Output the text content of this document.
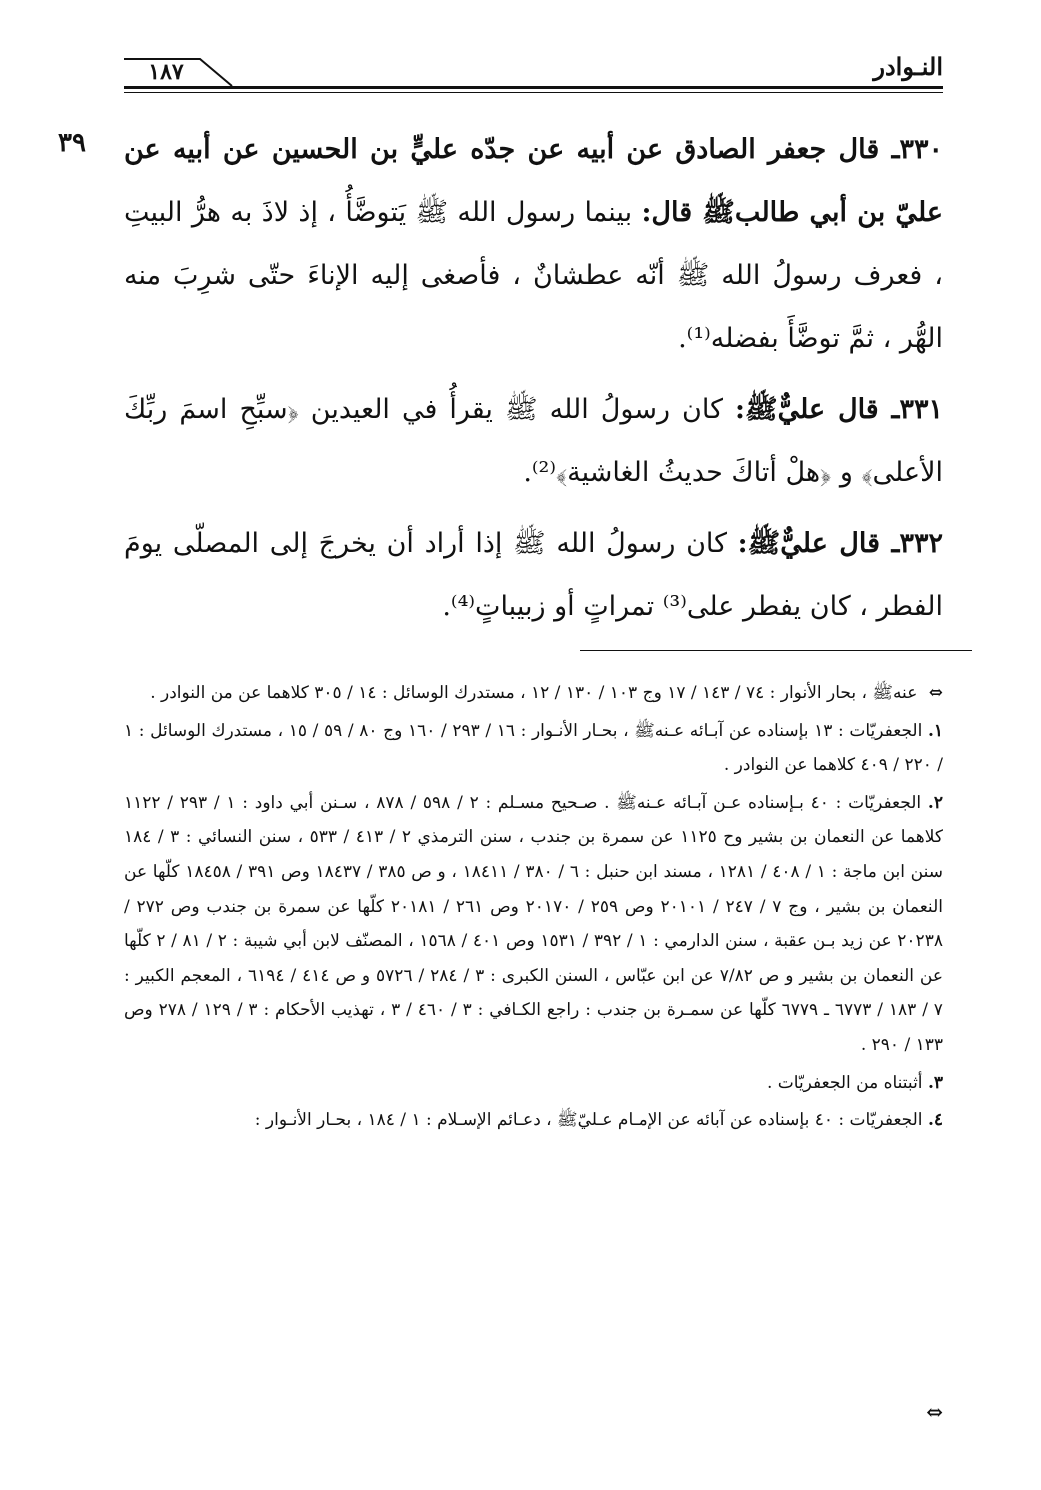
النـوادر
١٨٧
٣٩ ٣٣٠ـ قال جعفر الصادق عن أبيه عن جدّه عليٍّ بن الحسين عن أبيه عن عليّ بن أبي طالبﷺ قال: بينما رسول الله ﷺ يَتوضَّأُ ، إذ لاذَ به هرُّ البيتِ ، فعرف رسولُ الله ﷺ أنّه عطشانٌ ، فأصغى إليه الإناءَ حتّى شرِبَ منه الهُّر ، ثمَّ توضَّأَ بفضله⁽¹⁾.

٣٣١ـ قال عليٌّﷺ: كان رسولُ الله ﷺ يقرأُ في العيدين ﴿سبِّحِ اسمَ ربِّكَ الأعلى﴾ و ﴿هلْ أتاكَ حديثُ الغاشية﴾⁽²⁾.

٣٣٢ـ قال عليٌّﷺ: كان رسولُ الله ﷺ إذا أراد أن يخرجَ إلى المصلّى يومَ الفطر ، كان يفطر على⁽³⁾ تمراتٍ أو زبيباتٍ⁽⁴⁾.

⇔ عنهﷺ ، بحار الأنوار : ٧٤ / ١٤٣ / ١٧ وج ١٠٣ / ١٣٠ / ١٢ ، مستدرك الوسائل : ١٤ / ٣٠٥ كلاهما عن من النوادر .

١. الجعفريّات : ١٣ بإسناده عن آبـائه عـنهﷺ ، بحـار الأنـوار : ١٦ / ٢٩٣ / ١٦٠ وج ٨٠ / ٥٩ / ١٥ ، مستدرك الوسائل : ١ / ٢٢٠ / ٤٠٩ كلاهما عن النوادر .

٢. الجعفريّات : ٤٠ بـإسناده عـن آبـائه عـنهﷺ . صـحيح مسـلم : ٢ / ٥٩٨ / ٨٧٨ ، سـنن أبي داود : ١ / ٢٩٣ / ١١٢٢ كلاهما عن النعمان بن بشير وح ١١٢٥ عن سمرة بن جندب ، سنن الترمذي ٢ / ٤١٣ / ٥٣٣ ، سنن النسائي : ٣ / ١٨٤ سنن ابن ماجة : ١ / ٤٠٨ / ١٢٨١ ، مسند ابن حنبل : ٦ / ٣٨٠ / ١٨٤١١ ، و ص ٣٨٥ / ١٨٤٣٧ وص ٣٩١ / ١٨٤٥٨ كلّها عن النعمان بن بشير ، وج ٧ / ٢٤٧ / ٢٠١٠١ وص ٢٥٩ / ٢٠١٧٠ وص ٢٦١ / ٢٠١٨١ كلّها عن سمرة بن جندب وص ٢٧٢ / ٢٠٢٣٨ عن زيد بـن عقبة ، سنن الدارمي : ١ / ٣٩٢ / ١٥٣١ وص ٤٠١ / ١٥٦٨ ، المصنّف لابن أبي شيبة : ٢ / ٨١ / ٢ كلّها عن النعمان بن بشير و ص ٧/٨٢ عن ابن عبّاس ، السنن الكبرى : ٣ / ٢٨٤ / ٥٧٢٦ و ص ٤١٤ / ٦١٩٤ ، المعجم الكبير : ٧ / ١٨٣ / ٦٧٧٣ ـ ٦٧٧٩ كلّها عن سمـرة بن جندب : راجع الكـافي : ٣ / ٤٦٠ / ٣ ، تهذيب الأحكام : ٣ / ١٢٩ / ٢٧٨ وص ١٣٣ / ٢٩٠ .

٣. أثبتناه من الجعفريّات .

٤. الجعفريّات : ٤٠ بإسناده عن آبائه عن الإمـام عـليّﷺ ، دعـائم الإسـلام : ١ / ١٨٤ ، بحـار الأنـوار :

⇔
